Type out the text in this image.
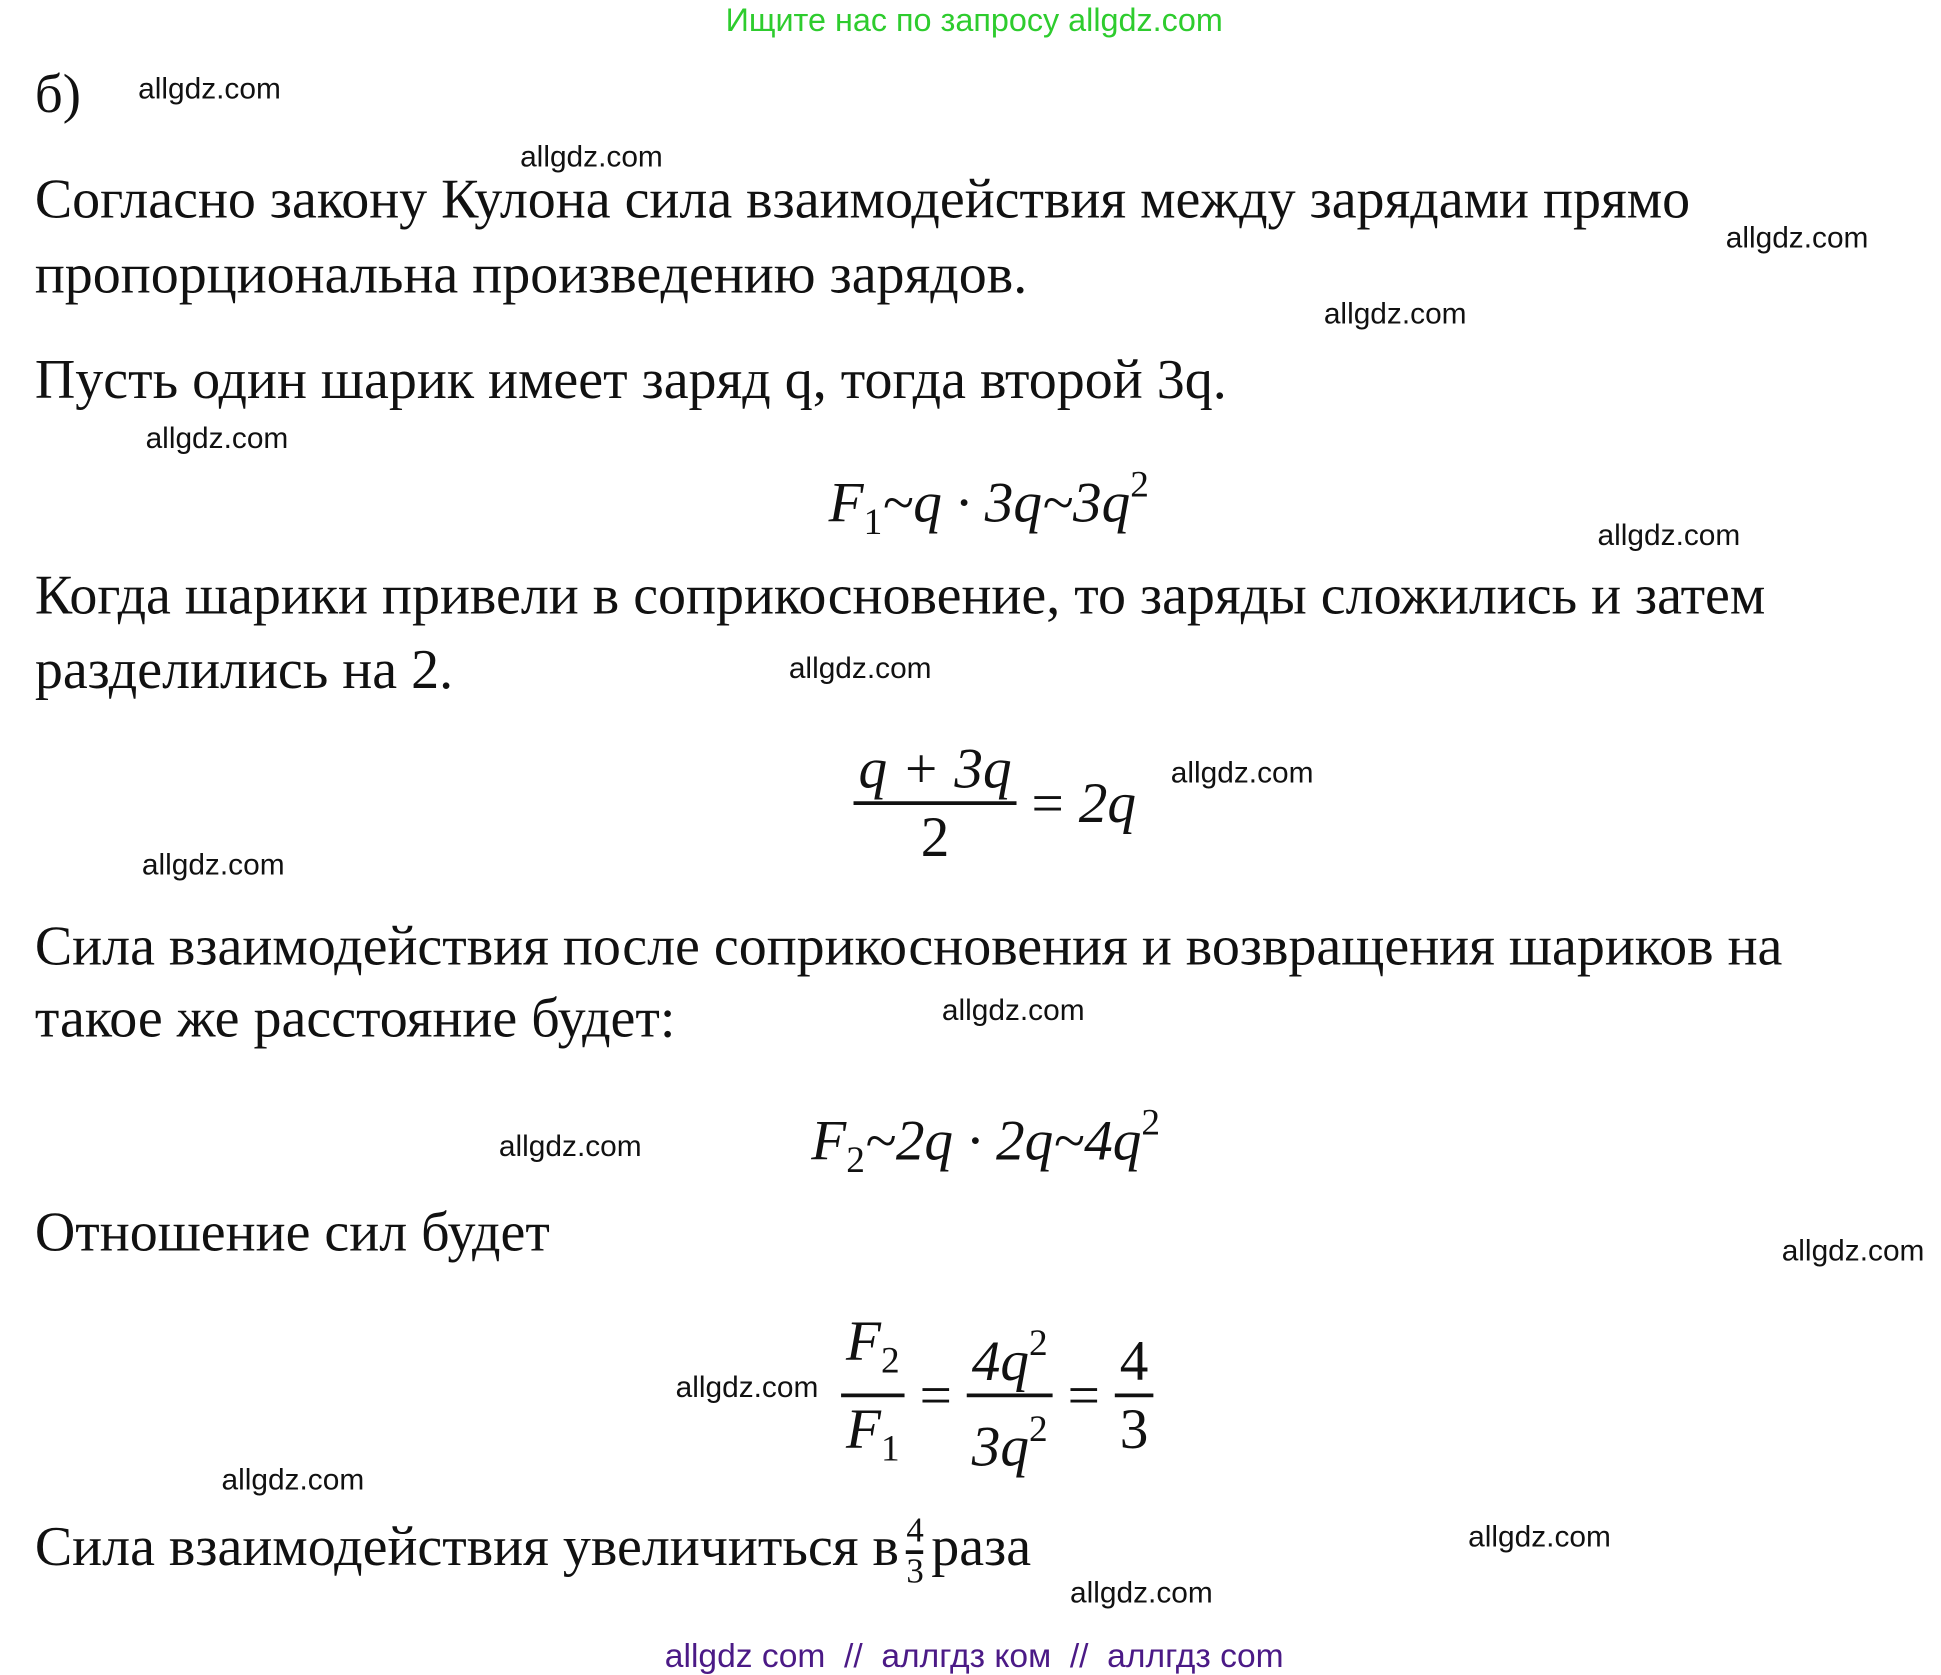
Ищите нас по запросу allgdz.com
б)
Согласно закону Кулона сила взаимодействия между зарядами прямо
пропорциональна произведению зарядов.
Пусть один шарик имеет заряд q, тогда второй 3q.
$F_1\sim q$ · $3q\sim 3q^2$
Когда шарики привели в соприкосновение, то заряды сложились и затем
разделились на 2.
$\frac{q + 3q}{2} = 2q$
Сила взаимодействия после соприкосновения и возвращения шариков на
такое же расстояние будет:
$F_2\sim 2q$ · $2q\sim 4q^2$
Отношение сил будет
$\frac{F_2}{F_1} = \frac{4q^2}{3q^2} = \frac{4}{3}$
Сила взаимодействия увеличиться в $\frac{4}{3}$ раза
allgdz.com
allgdz.com
allgdz.com
allgdz.com
allgdz.com
allgdz.com
allgdz.com
allgdz.com
allgdz.com
allgdz.com
allgdz.com
allgdz.com
allgdz.com
allgdz.com
allgdz.com
allgdz.com
allgdz com  //  аллгдз ком  //  аллгдз com
